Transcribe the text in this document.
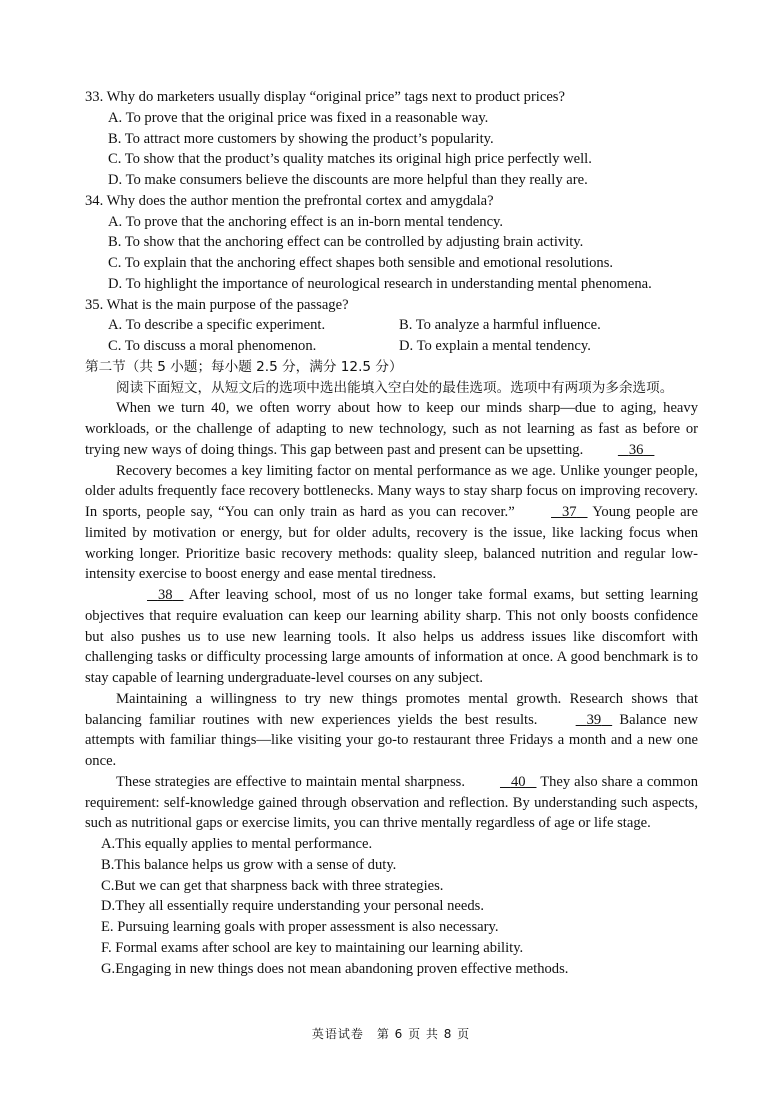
33. Why do marketers usually display “original price” tags next to product prices?
A. To prove that the original price was fixed in a reasonable way.
B. To attract more customers by showing the product’s popularity.
C. To show that the product’s quality matches its original high price perfectly well.
D. To make consumers believe the discounts are more helpful than they really are.
34. Why does the author mention the prefrontal cortex and amygdala?
A. To prove that the anchoring effect is an in-born mental tendency.
B. To show that the anchoring effect can be controlled by adjusting brain activity.
C. To explain that the anchoring effect shapes both sensible and emotional resolutions.
D. To highlight the importance of neurological research in understanding mental phenomena.
35. What is the main purpose of the passage?
A. To describe a specific experiment.	B. To analyze a harmful influence.
C. To discuss a moral phenomenon.	D. To explain a mental tendency.
第二节（共 5 小题；每小题 2.5 分，满分 12.5 分）

阅读下面短文，从短文后的选项中选出能填入空白处的最佳选项。选项中有两项为多余选项。

When we turn 40, we often worry about how to keep our minds sharp—due to aging, heavy workloads, or the challenge of adapting to new technology, such as not learning as fast as before or trying new ways of doing things. This gap between past and present can be upsetting.	36

Recovery becomes a key limiting factor on mental performance as we age. Unlike younger people, older adults frequently face recovery bottlenecks. Many ways to stay sharp focus on improving recovery. In sports, people say, “You can only train as hard as you can recover.”	37    Young people are limited by motivation or energy, but for older adults, recovery is the issue, like lacking focus when working longer. Prioritize basic recovery methods: quality sleep, balanced nutrition and regular low-intensity exercise to boost energy and ease mental tiredness.

38    After leaving school, most of us no longer take formal exams, but setting learning objectives that require evaluation can keep our learning ability sharp. This not only boosts confidence but also pushes us to use new learning tools. It also helps us address issues like discomfort with challenging tasks or difficulty processing large amounts of information at once. A good benchmark is to stay capable of learning undergraduate-level courses on any subject.

Maintaining a willingness to try new things promotes mental growth. Research shows that balancing familiar routines with new experiences yields the best results.	39    Balance new attempts with familiar things—like visiting your go-to restaurant three Fridays a month and a new one once.

These strategies are effective to maintain mental sharpness.	40    They also share a common requirement: self-knowledge gained through observation and reflection. By understanding such aspects, such as nutritional gaps or exercise limits, you can thrive mentally regardless of age or life stage.

A.This equally applies to mental performance.
B.This balance helps us grow with a sense of duty.
C.But we can get that sharpness back with three strategies.
D.They all essentially require understanding your personal needs.
E. Pursuing learning goals with proper assessment is also necessary.
F. Formal exams after school are key to maintaining our learning ability.
G.Engaging in new things does not mean abandoning proven effective methods.
英语试卷　第 6 页 共 8 页
